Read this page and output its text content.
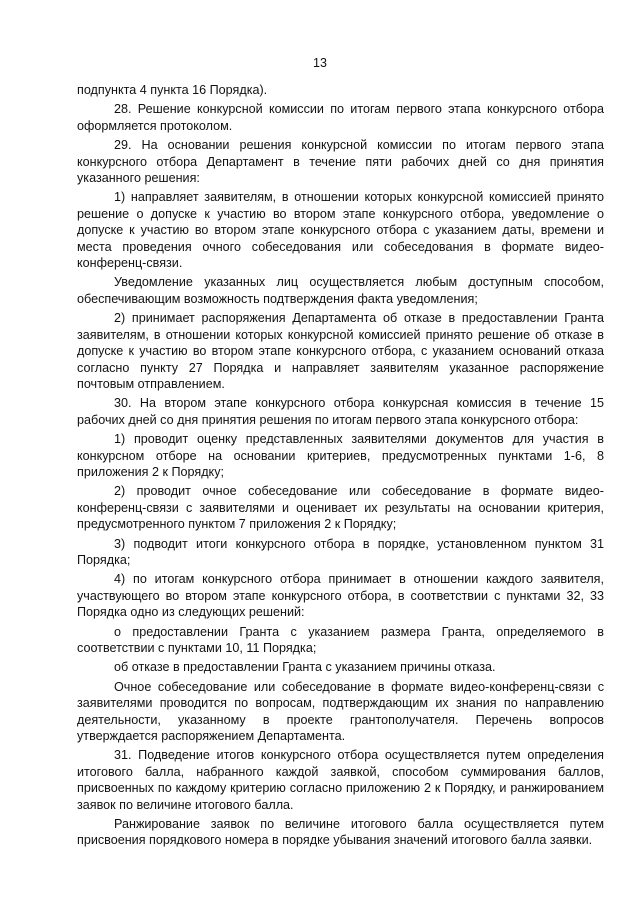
13

подпункта 4 пункта 16 Порядка).

28. Решение конкурсной комиссии по итогам первого этапа конкурсного отбора оформляется протоколом.

29. На основании решения конкурсной комиссии по итогам первого этапа конкурсного отбора Департамент в течение пяти рабочих дней со дня принятия указанного решения:

1) направляет заявителям, в отношении которых конкурсной комиссией принято решение о допуске к участию во втором этапе конкурсного отбора, уведомление о допуске к участию во втором этапе конкурсного отбора с указанием даты, времени и места проведения очного собеседования или собеседования в формате видео-конференц-связи.

Уведомление указанных лиц осуществляется любым доступным способом, обеспечивающим возможность подтверждения факта уведомления;

2) принимает распоряжения Департамента об отказе в предоставлении Гранта заявителям, в отношении которых конкурсной комиссией принято решение об отказе в допуске к участию во втором этапе конкурсного отбора, с указанием оснований отказа согласно пункту 27 Порядка и направляет заявителям указанное распоряжение почтовым отправлением.

30. На втором этапе конкурсного отбора конкурсная комиссия в течение 15 рабочих дней со дня принятия решения по итогам первого этапа конкурсного отбора:

1) проводит оценку представленных заявителями документов для участия в конкурсном отборе на основании критериев, предусмотренных пунктами 1-6, 8 приложения 2 к Порядку;

2) проводит очное собеседование или собеседование в формате видео-конференц-связи с заявителями и оценивает их результаты на основании критерия, предусмотренного пунктом 7 приложения 2 к Порядку;

3) подводит итоги конкурсного отбора в порядке, установленном пунктом 31 Порядка;

4) по итогам конкурсного отбора принимает в отношении каждого заявителя, участвующего во втором этапе конкурсного отбора, в соответствии с пунктами 32, 33 Порядка одно из следующих решений:

о предоставлении Гранта с указанием размера Гранта, определяемого в соответствии с пунктами 10, 11 Порядка;

об отказе в предоставлении Гранта с указанием причины отказа.

Очное собеседование или собеседование в формате видео-конференц-связи с заявителями проводится по вопросам, подтверждающим их знания по направлению деятельности, указанному в проекте грантополучателя. Перечень вопросов утверждается распоряжением Департамента.

31. Подведение итогов конкурсного отбора осуществляется путем определения итогового балла, набранного каждой заявкой, способом суммирования баллов, присвоенных по каждому критерию согласно приложению 2 к Порядку, и ранжированием заявок по величине итогового балла.

Ранжирование заявок по величине итогового балла осуществляется путем присвоения порядкового номера в порядке убывания значений итогового балла заявки.
